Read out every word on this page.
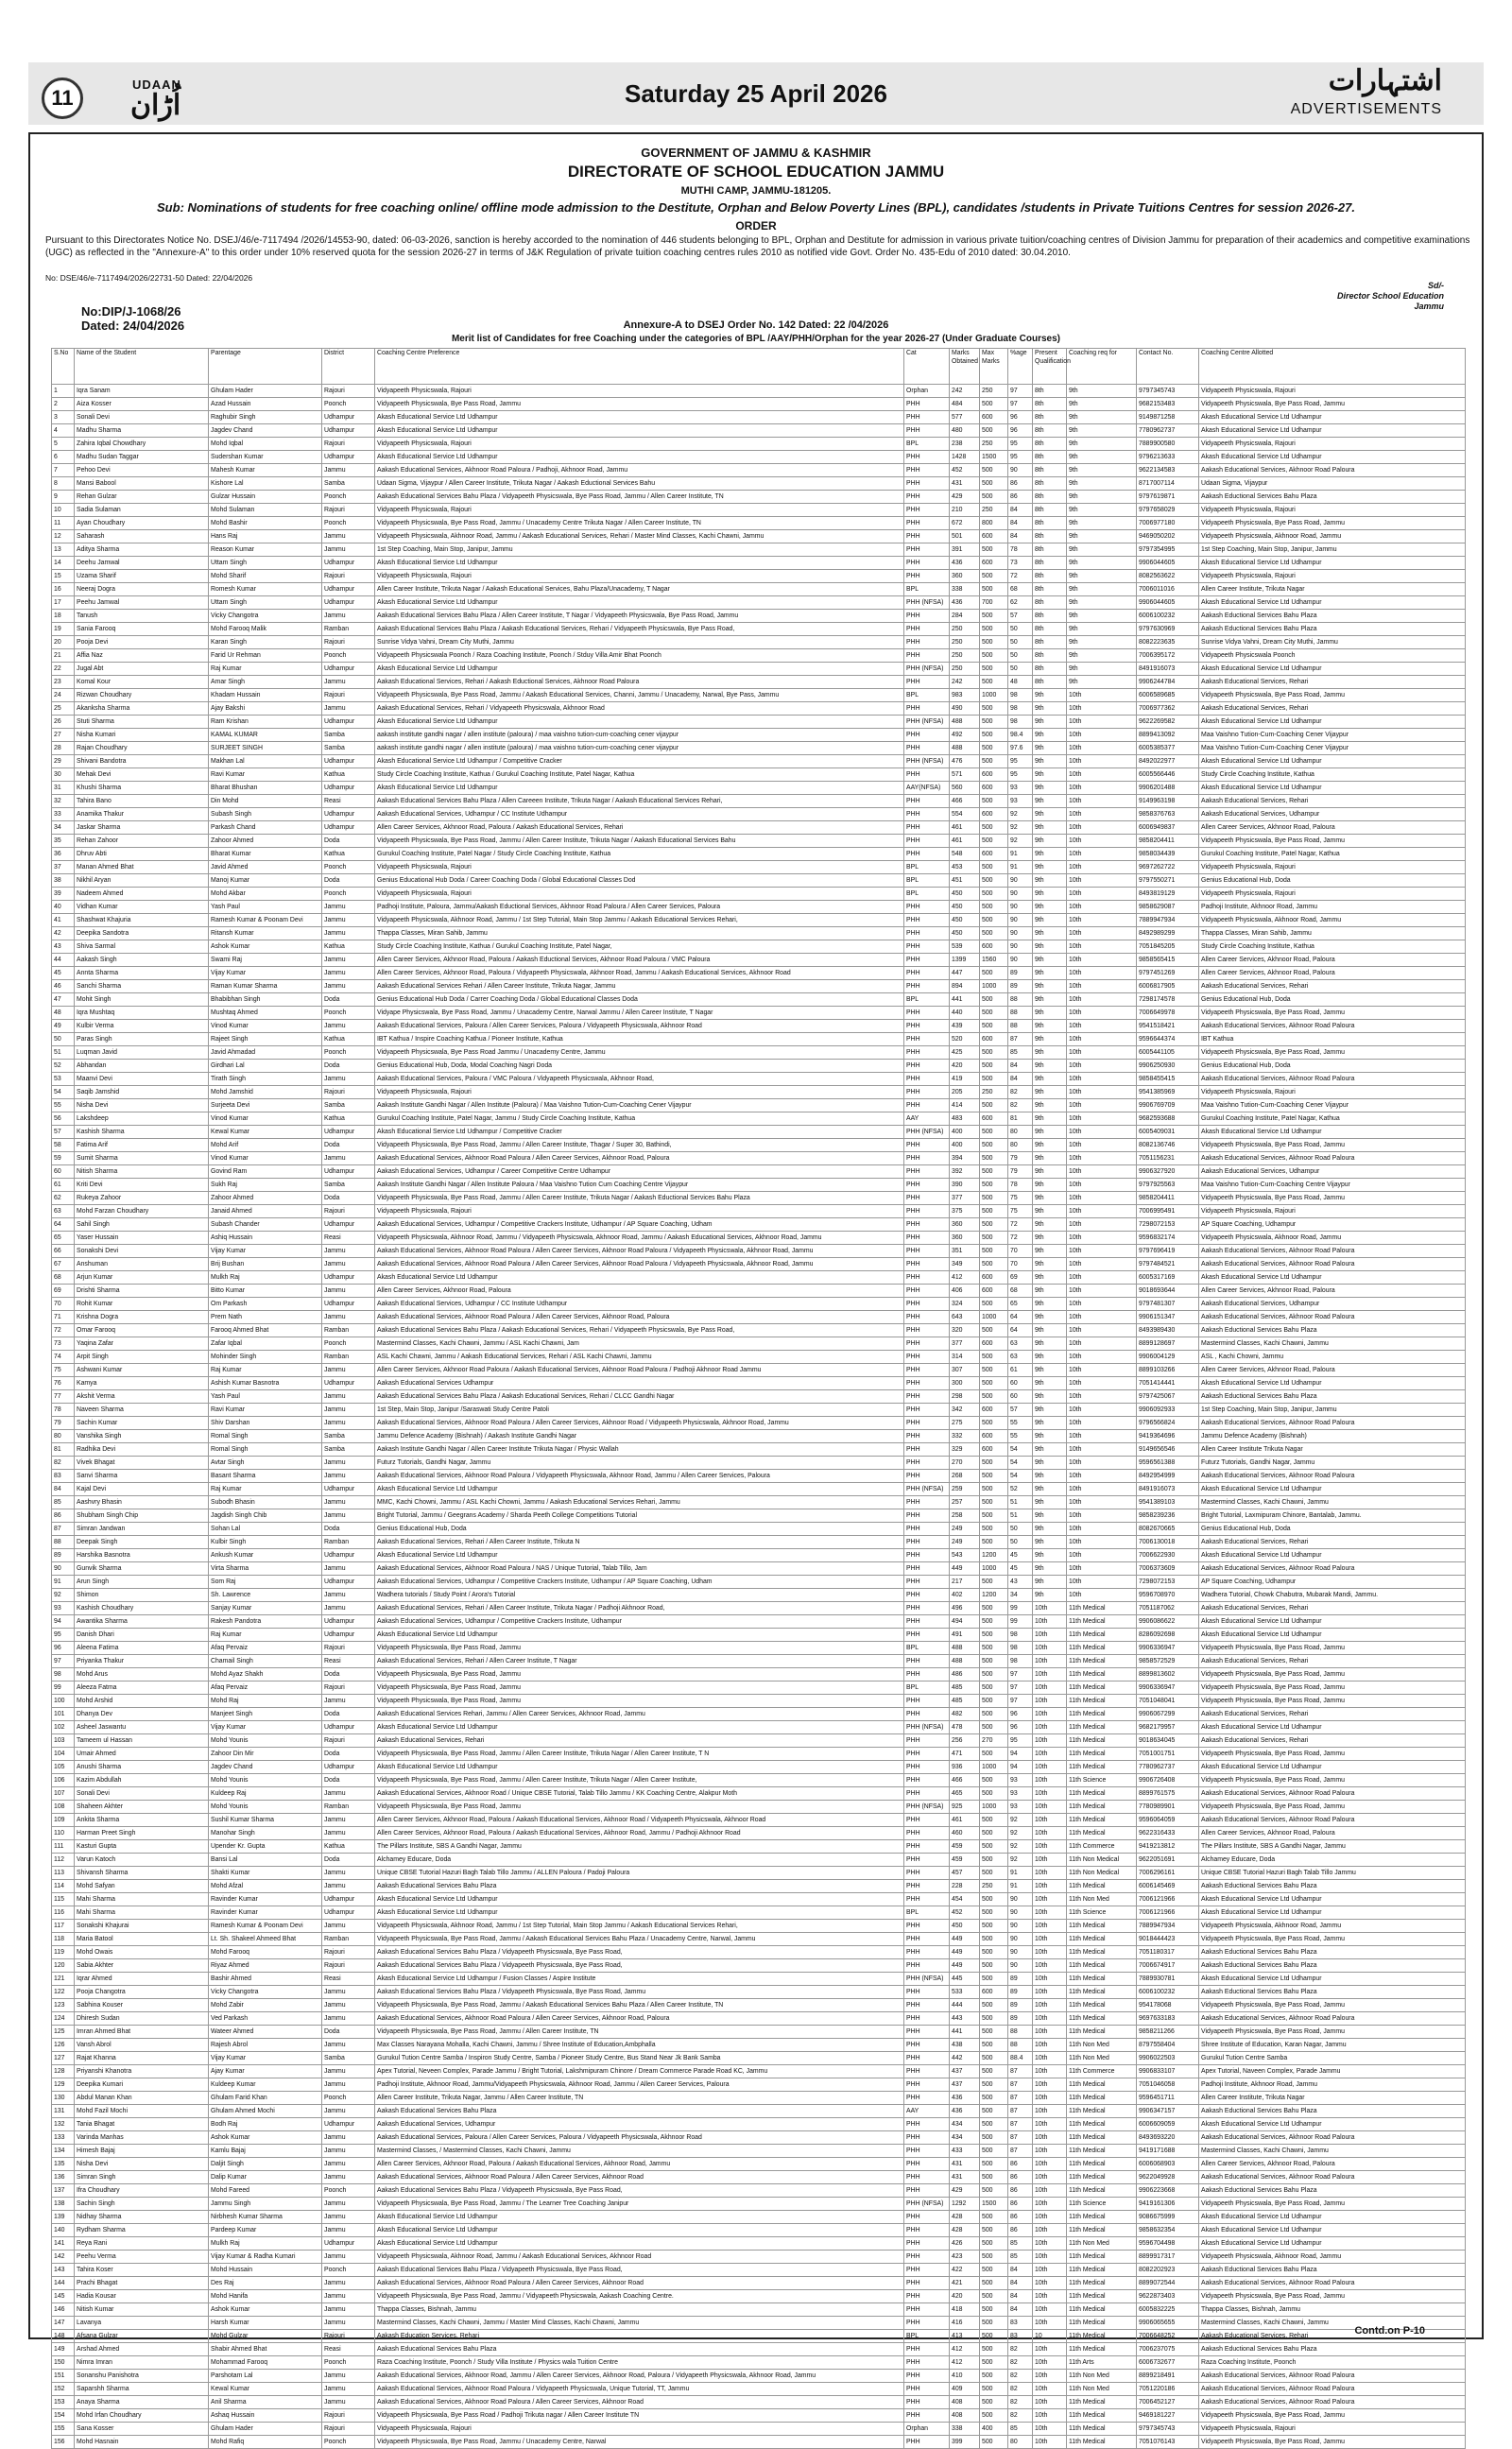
11
UDAAN
اُڑان	Saturday 25 April 2026	اشتہارات
ADVERTISEMENTS
GOVERNMENT OF JAMMU & KASHMIR
DIRECTORATE OF SCHOOL EDUCATION JAMMU
MUTHI CAMP, JAMMU-181205.
Sub: Nominations of students for free coaching online/ offline mode admission to the Destitute, Orphan and Below Poverty Lines (BPL), candidates /students in Private Tuitions Centres for session 2026-27.
ORDER
Pursuant to this Directorates Notice No. DSEJ/46/e-7117494 /2026/14553-90, dated: 06-03-2026, sanction is hereby accorded to the nomination of 446 students belonging to BPL, Orphan and Destitute for admission in various private tuition/coaching centres of Division Jammu for preparation of their academics and competitive examinations (UGC) as reflected in the "Annexure-A" to this order under 10% reserved quota for the session 2026-27 in terms of J&K Regulation of private tuition coaching centres rules 2010 as notified vide Govt. Order No. 435-Edu of 2010 dated: 30.04.2010.
No: DSE/46/e-7117494/2026/22731-50 Dated: 22/04/2026
Sd/-
Director School Education
Jammu
No:DIP/J-1068/26
Dated: 24/04/2026	Annexure-A to DSEJ Order No. 142 Dated: 22 /04/2026
Merit list of Candidates for free Coaching under the categories of BPL /AAY/PHH/Orphan for the year 2026-27 (Under Graduate Courses)
S.No	Name of the Student	Parentage	District	Coaching Centre Preference	Cat	Marks Obtained	Max Marks	%age	Present Qualification	Coaching req for	Contact No.	Coaching Centre Allotted
1	Iqra Sanam	Ghulam Hader	Rajouri	Vidyapeeth Physicswala, Rajouri	Orphan	242	250	97	8th	9th	9797345743	Vidyapeeth Physicswala, Rajouri
2	Aiza Kosser	Azad Hussain	Poonch	Vidyapeeth Physicswala, Bye Pass Road, Jammu	PHH	484	500	97	8th	9th	9682153483	Vidyapeeth Physicswala, Bye Pass Road, Jammu
3	Sonali Devi	Raghubir Singh	Udhampur	Akash Educational Service Ltd Udhampur	PHH	577	600	96	8th	9th	9149871258	Akash Educational Service Ltd Udhampur
4	Madhu Sharma	Jagdev Chand	Udhampur	Akash Educational Service Ltd Udhampur	PHH	480	500	96	8th	9th	7780962737	Akash Educational Service Ltd Udhampur
5	Zahira Iqbal Chowdhary	Mohd Iqbal	Rajouri	Vidyapeeth Physicswala, Rajouri	BPL	238	250	95	8th	9th	7889900580	Vidyapeeth Physicswala, Rajouri
6	Madhu Sudan Taggar	Sudershan Kumar	Udhampur	Akash Educational Service Ltd Udhampur	PHH	1428	1500	95	8th	9th	9796213633	Akash Educational Service Ltd Udhampur
7	Pehoo Devi	Mahesh Kumar	Jammu	Aakash Educational Services, Akhnoor Road Paloura / Padhoji, Akhnoor Road, Jammu	PHH	452	500	90	8th	9th	9622134583	Aakash Educational Services, Akhnoor Road Paloura
8	Mansi Babool	Kishore Lal	Samba	Udaan Sigma, Vijaypur / Allen Career Institute, Trikuta Nagar / Aakash Eductional Services Bahu	PHH	431	500	86	8th	9th	8717007114	Udaan Sigma, Vijaypur
9	Rehan Gulzar	Gulzar Hussain	Poonch	Aakash Educational Services Bahu Plaza / Vidyapeeth Physicswala, Bye Pass Road, Jammu / Allen Career Institute, TN	PHH	429	500	86	8th	9th	9797619871	Aakash Eductional Services Bahu Plaza
10	Sadia Sulaman	Mohd Sulaman	Rajouri	Vidyapeeth Physicswala, Rajouri	PHH	210	250	84	8th	9th	9797658029	Vidyapeeth Physicswala, Rajouri
11	Ayan Choudhary	Mohd Bashir	Poonch	Vidyapeeth Physicswala, Bye Pass Road, Jammu / Unacademy Centre Trikuta Nagar / Allen Career Institute, TN	PHH	672	800	84	8th	9th	7006977180	Vidyapeeth Physicswala, Bye Pass Road, Jammu
12	Saharash	Hans Raj	Jammu	Vidyapeeth Physicswala, Akhnoor Road, Jammu / Aakash Educational Services, Rehari / Master Mind Classes, Kachi Chawni, Jammu	PHH	501	600	84	8th	9th	9469050202	Vidyapeeth Physicswala, Akhnoor Road, Jammu
13	Aditya Sharma	Reason Kumar	Jammu	1st Step Coaching, Main Stop, Janipur, Jammu	PHH	391	500	78	8th	9th	9797354995	1st Step Coaching, Main Stop, Janipur, Jammu
14	Deehu Jamwal	Uttam Singh	Udhampur	Akash Educational Service Ltd Udhampur	PHH	436	600	73	8th	9th	9906044605	Akash Educational Service Ltd Udhampur
15	Uzama Sharif	Mohd Sharif	Rajouri	Vidyapeeth Physicswala, Rajouri	PHH	360	500	72	8th	9th	8082563622	Vidyapeeth Physicswala, Rajouri
16	Neeraj Dogra	Romesh Kumar	Udhampur	Allen Career Institute, Trikuta Nagar / Aakash Educational Services, Bahu Plaza/Unacademy, T Nagar	BPL	338	500	68	8th	9th	7006011016	Allen Career Institute, Trikuta Nagar
17	Peehu Jamwal	Uttam Singh	Udhampur	Akash Educational Service Ltd Udhampur	PHH (NFSA)	436	700	62	8th	9th	9906044605	Akash Educational Service Ltd Udhampur
18	Tanush	Vicky Changotra	Jammu	Aakash Educational Services Bahu Plaza / Allen Career Institute, T Nagar / Vidyapeeth Physicswala, Bye Pass Road, Jammu	PHH	284	500	57	8th	9th	6006100232	Aakash Eductional Services Bahu Plaza
19	Sania Farooq	Mohd Farooq Malik	Ramban	Aakash Educational Services Bahu Plaza / Aakash Educational Services, Rehari / Vidyapeeth Physicswala, Bye Pass Road,	PHH	250	500	50	8th	9th	9797630969	Aakash Eductional Services Bahu Plaza
20	Pooja Devi	Karan Singh	Rajouri	Sunrise Vidya Vahni, Dream City Muthi, Jammu	PHH	250	500	50	8th	9th	8082223635	Sunrise Vidya Vahni, Dream City Muthi, Jammu
21	Affia Naz	Farid Ur Rehman	Poonch	Vidyapeeth Physicswala Poonch / Raza Coaching Institute, Poonch / Stduy Villa Amir Bhat Poonch	PHH	250	500	50	8th	9th	7006395172	Vidyapeeth Physicswala Poonch
22	Jugal Abt	Raj Kumar	Udhampur	Akash Educational Service Ltd Udhampur	PHH (NFSA)	250	500	50	8th	9th	8491916073	Akash Educational Service Ltd Udhampur
23	Komal Kour	Amar Singh	Jammu	Aakash Educational Services, Rehari / Aakash Eductional Services, Akhnoor Road Paloura	PHH	242	500	48	8th	9th	9906244784	Aakash Educational Services, Rehari
24	Rizwan Choudhary	Khadam Hussain	Rajouri	Vidyapeeth Physicswala, Bye Pass Road, Jammu / Aakash Educational Services, Channi, Jammu / Unacademy, Narwal, Bye Pass, Jammu	BPL	983	1000	98	9th	10th	6006589685	Vidyapeeth Physicswala, Bye Pass Road, Jammu
25	Akanksha Sharma	Ajay Bakshi	Jammu	Aakash Educational Services, Rehari / Vidyapeeth Physicswala, Akhnoor Road	PHH	490	500	98	9th	10th	7006977362	Aakash Educational Services, Rehari
26	Stuti Sharma	Ram Krishan	Udhampur	Akash Educational Service Ltd Udhampur	PHH (NFSA)	488	500	98	9th	10th	9622269582	Akash Educational Service Ltd Udhampur
27	Nisha Kumari	KAMAL KUMAR	Samba	aakash institute gandhi nagar / allen institute (paloura) / maa vaishno tution-cum-coaching cener vijaypur	PHH	492	500	98.4	9th	10th	8899413092	Maa Vaishno Tution-Cum-Coaching Cener Vijaypur
28	Rajan Choudhary	SURJEET SINGH	Samba	aakash institute gandhi nagar / allen institute (paloura) / maa vaishno tution-cum-coaching cener vijaypur	PHH	488	500	97.6	9th	10th	6005385377	Maa Vaishno Tution-Cum-Coaching Cener Vijaypur
29	Shivani Bandotra	Makhan Lal	Udhampur	Akash Educational Service Ltd Udhampur / Competitive Cracker	PHH (NFSA)	476	500	95	9th	10th	8492022977	Akash Educational Service Ltd Udhampur
30	Mehak Devi	Ravi Kumar	Kathua	Study Circle Coaching Institute, Kathua / Gurukul Coaching Institute, Patel Nagar, Kathua	PHH	571	600	95	9th	10th	6005566446	Study Circle Coaching Institute, Kathua
31	Khushi Sharma	Bharat Bhushan	Udhampur	Akash Educational Service Ltd Udhampur	AAY(NFSA)	560	600	93	9th	10th	9906201488	Akash Educational Service Ltd Udhampur
32	Tahira Bano	Din Mohd	Reasi	Aakash Educational Services Bahu Plaza / Allen Careeen Institute, Trikuta Nagar / Aakash Educational Services Rehari,	PHH	466	500	93	9th	10th	9149963198	Aakash Educational Services, Rehari
33	Anamika Thakur	Subash Singh	Udhampur	Aakash Educational Services, Udhampur / CC Institute Udhampur	PHH	554	600	92	9th	10th	9858376763	Aakash Educational Services, Udhampur
34	Jaskar Sharma	Parkash Chand	Udhampur	Allen Career Services, Akhnoor Road, Paloura / Aakash Educational Services, Rehari	PHH	461	500	92	9th	10th	6006949837	Allen Career Services, Akhnoor Road, Paloura
35	Rehan Zahoor	Zahoor Ahmed	Doda	Vidyapeeth Physicswala, Bye Pass Road, Jammu / Allen Career Institute, Trikuta Nagar / Aakash Educational Services Bahu	PHH	461	500	92	9th	10th	9858204411	Vidyapeeth Physicswala, Bye Pass Road, Jammu
36	Dhruv Abti	Bharat Kumar	Kathua	Gurukul Coaching Institute, Patel Nagar / Study Circle Coaching Institute, Kathua	PHH	548	600	91	9th	10th	9858034439	Gurukul Coaching Institute, Patel Nagar, Kathua
37	Manan Ahmed Bhat	Javid Ahmed	Poonch	Vidyapeeth Physicswala, Rajouri	BPL	453	500	91	9th	10th	9697262722	Vidyapeeth Physicswala, Rajouri
38	Nikhil Aryan	Manoj Kumar	Doda	Genius Educational Hub Doda / Career Coaching Doda / Global Educational Classes Dod	BPL	451	500	90	9th	10th	9797550271	Genius Educational Hub, Doda
39	Nadeem Ahmed	Mohd Akbar	Poonch	Vidyapeeth Physicswala, Rajouri	BPL	450	500	90	9th	10th	8493819129	Vidyapeeth Physicswala, Rajouri
40	Vidhan Kumar	Yash Paul	Jammu	Padhoji Institute, Paloura, Jammu/Aakash Eductional Services, Akhnoor Road Paloura / Allen Career Services, Paloura	PHH	450	500	90	9th	10th	9858629087	Padhoji Institute, Akhnoor Road, Jammu
41	Shashwat Khajuria	Ramesh Kumar & Poonam Devi	Jammu	Vidyapeeth Physicswala, Akhnoor Road, Jammu / 1st Step Tutorial, Main Stop Jammu / Aakash Educational Services Rehari,	PHH	450	500	90	9th	10th	7889947934	Vidyapeeth Physicswala, Akhnoor Road, Jammu
42	Deepika Sandotra	Ritansh Kumar	Jammu	Thappa Classes, Miran Sahib, Jammu	PHH	450	500	90	9th	10th	8492989299	Thappa Classes, Miran Sahib, Jammu
43	Shiva Sarmal	Ashok Kumar	Kathua	Study Circle Coaching Institute, Kathua / Gurukul Coaching Institute, Patel Nagar,	PHH	539	600	90	9th	10th	7051845205	Study Circle Coaching Institute, Kathua
44	Aakash Singh	Swami Raj	Jammu	Allen Career Services, Akhnoor Road, Paloura / Aakash Eductional Services, Akhnoor Road Paloura / VMC Paloura	PHH	1399	1560	90	9th	10th	9858565415	Allen Career Services, Akhnoor Road, Paloura
45	Annta Sharma	Vijay Kumar	Jammu	Allen Career Services, Akhnoor Road, Paloura / Vidyapeeth Physicswala, Akhnoor Road, Jammu / Aakash Educational Services, Akhnoor Road	PHH	447	500	89	9th	10th	9797451269	Allen Career Services, Akhnoor Road, Paloura
46	Sanchi Sharma	Raman Kumar Sharma	Jammu	Aakash Educational Services Rehari / Allen Career Institute, Trikuta Nagar, Jammu	PHH	894	1000	89	9th	10th	6006817905	Aakash Educational Services, Rehari
47	Mohit Singh	Bhabibhan Singh	Doda	Genius Educational Hub Doda / Carrer Coaching Doda / Global Educational Classes Doda	BPL	441	500	88	9th	10th	7298174578	Genius Educational Hub, Doda
48	Iqra Mushtaq	Mushtaq Ahmed	Poonch	Vidyape Physicswala, Bye Pass Road, Jammu / Unacademy Centre, Narwal Jammu / Allen Career Institute, T Nagar	PHH	440	500	88	9th	10th	7006649978	Vidyapeeth Physicswala, Bye Pass Road, Jammu
49	Kulbir Verma	Vinod Kumar	Jammu	Aakash Educational Services, Paloura / Allen Career Services, Paloura / Vidyapeeth Physicswala, Akhnoor Road	PHH	439	500	88	9th	10th	9541518421	Aakash Educational Services, Akhnoor Road Paloura
50	Paras Singh	Rajeet Singh	Kathua	IBT Kathua / Inspire Coaching Kathua / Pioneer Institute, Kathua	PHH	520	600	87	9th	10th	9596644374	IBT Kathua
51	Luqman Javid	Javid Ahmadad	Poonch	Vidyapeeth Physicswala, Bye Pass Road Jammu / Unacademy Centre, Jammu	PHH	425	500	85	9th	10th	6005441105	Vidyapeeth Physicswala, Bye Pass Road, Jammu
52	Abhandan	Girdhari Lal	Doda	Genius Educational Hub, Doda, Modal Coaching Nagri Doda	PHH	420	500	84	9th	10th	9906250930	Genius Educational Hub, Doda
53	Maanvi Devi	Tirath Singh	Jammu	Aakash Educational Services, Paloura / VMC Paloura / Vidyapeeth Physicswala, Akhnoor Road,	PHH	419	500	84	9th	10th	9858455415	Aakash Educational Services, Akhnoor Road Paloura
54	Saqib Jamshid	Mohd Jamshid	Rajouri	Vidyapeeth Physicswala, Rajouri	PHH	205	250	82	9th	10th	9541385969	Vidyapeeth Physicswala, Rajouri
55	Nisha Devi	Surjeeta Devi	Samba	Aakash Institute Gandhi Nagar / Allen Institute (Paloura) / Maa Vaishno Tution-Cum-Coaching Cener Vijaypur	PHH	414	500	82	9th	10th	9906769709	Maa Vaishno Tution-Cum-Coaching Cener Vijaypur
56	Lakshdeep	Vinod Kumar	Kathua	Gurukul Coaching Institute, Patel Nagar, Jammu / Study Circle Coaching Institute, Kathua	AAY	483	600	81	9th	10th	9682593688	Gurukul Coaching Institute, Patel Nagar, Kathua
57	Kashish Sharma	Kewal Kumar	Udhampur	Akash Educational Service Ltd Udhampur / Competitive Cracker	PHH (NFSA)	400	500	80	9th	10th	6005409031	Akash Educational Service Ltd Udhampur
58	Fatima Arif	Mohd Arif	Doda	Vidyapeeth Physicswala, Bye Pass Road, Jammu / Allen Career Institute, Thagar / Super 30, Bathindi,	PHH	400	500	80	9th	10th	8082136746	Vidyapeeth Physicswala, Bye Pass Road, Jammu
59	Sumit Sharma	Vinod Kumar	Jammu	Aakash Educational Services, Akhnoor Road Paloura / Allen Career Services, Akhnoor Road, Paloura	PHH	394	500	79	9th	10th	7051156231	Aakash Educational Services, Akhnoor Road Paloura
60	Nitish Sharma	Govind Ram	Udhampur	Aakash Educational Services, Udhampur / Career Competitive Centre Udhampur	PHH	392	500	79	9th	10th	9906327920	Aakash Educational Services, Udhampur
61	Kriti Devi	Sukh Raj	Samba	Aakash Institute Gandhi Nagar / Allen Institute Paloura / Maa Vaishno Tution Cum Coaching Centre Vijaypur	PHH	390	500	78	9th	10th	9797925563	Maa Vaishno Tution-Cum-Coaching Centre Vijaypur
62	Rukeya Zahoor	Zahoor Ahmed	Doda	Vidyapeeth Physicswala, Bye Pass Road, Jammu / Allen Career Institute, Trikuta Nagar / Aakash Eductional Services Bahu Plaza	PHH	377	500	75	9th	10th	9858204411	Vidyapeeth Physicswala, Bye Pass Road, Jammu
63	Mohd Farzan Choudhary	Janaid Ahmed	Rajouri	Vidyapeeth Physicswala, Rajouri	PHH	375	500	75	9th	10th	7006995491	Vidyapeeth Physicswala, Rajouri
64	Sahil Singh	Subash Chander	Udhampur	Aakash Educational Services, Udhampur / Competitive Crackers Institute, Udhampur / AP Square Coaching, Udham	PHH	360	500	72	9th	10th	7298072153	AP Square Coaching, Udhampur
65	Yaser Hussain	Ashiq Hussain	Reasi	Vidyapeeth Physicswala, Akhnoor Road, Jammu / Vidyapeeth Physicswala, Akhnoor Road, Jammu / Aakash Educational Services, Akhnoor Road, Jammu	PHH	360	500	72	9th	10th	9596832174	Vidyapeeth Physicswala, Akhnoor Road, Jammu
66	Sonakshi Devi	Vijay Kumar	Jammu	Aakash Educational Services, Akhnoor Road Paloura / Allen Career Services, Akhnoor Road Paloura / Vidyapeeth Physicswala, Akhnoor Road, Jammu	PHH	351	500	70	9th	10th	9797696419	Aakash Educational Services, Akhnoor Road Paloura
67	Anshuman	Brij Bushan	Jammu	Aakash Educational Services, Akhnoor Road Paloura / Allen Career Services, Akhnoor Road Paloura / Vidyapeeth Physicswala, Akhnoor Road, Jammu	PHH	349	500	70	9th	10th	9797484521	Aakash Educational Services, Akhnoor Road Paloura
68	Arjun Kumar	Mulkh Raj	Udhampur	Akash Educational Service Ltd Udhampur	PHH	412	600	69	9th	10th	6005317169	Akash Educational Service Ltd Udhampur
69	Drishti Sharma	Bitto Kumar	Jammu	Allen Career Services, Akhnoor Road, Paloura	PHH	406	600	68	9th	10th	9018693644	Allen Career Services, Akhnoor Road, Paloura
70	Rohit Kumar	Om Parkash	Udhampur	Aakash Educational Services, Udhampur / CC Institute Udhampur	PHH	324	500	65	9th	10th	9797481307	Aakash Educational Services, Udhampur
71	Krishna Dogra	Prem Nath	Jammu	Aakash Educational Services, Akhnoor Road Paloura / Allen Career Services, Akhnoor Road, Paloura	PHH	643	1000	64	9th	10th	9906151347	Aakash Educational Services, Akhnoor Road Paloura
72	Omar Farooq	Farooq Ahmed Bhat	Ramban	Aakash Educational Services Bahu Plaza / Aakash Educational Services, Rehari / Vidyapeeth Physicswala, Bye Pass Road,	PHH	320	500	64	9th	10th	8493989430	Aakash Eductional Services Bahu Plaza
73	Yaqina Zafar	Zafar Iqbal	Poonch	Mastermind Classes, Kachi Chawni, Jammu / ASL Kachi Chawni, Jam	PHH	377	600	63	9th	10th	8899128697	Mastermind Classes, Kachi Chawni, Jammu
74	Arpit Singh	Mohinder Singh	Ramban	ASL Kachi Chawni, Jammu / Aakash Educational Services, Rehari / ASL Kachi Chawni, Jammu	PHH	314	500	63	9th	10th	9906004129	ASL , Kachi Chowni, Jammu
75	Ashwani Kumar	Raj Kumar	Jammu	Allen Career Services, Akhnoor Road Paloura / Aakash Educational Services, Akhnoor Road Paloura / Padhoji Akhnoor Road Jammu	PHH	307	500	61	9th	10th	8899103266	Allen Career Services, Akhnoor Road, Paloura
76	Kamya	Ashish Kumar Basnotra	Udhampur	Aakash Educational Services Udhampur	PHH	300	500	60	9th	10th	7051414441	Akash Educational Service Ltd Udhampur
77	Akshit Verma	Yash Paul	Jammu	Aakash Educational Services Bahu Plaza / Aakash Educational Services, Rehari / CLCC Gandhi Nagar	PHH	298	500	60	9th	10th	9797425067	Aakash Eductional Services Bahu Plaza
78	Naveen Sharma	Ravi Kumar	Jammu	1st Step, Main Stop, Janipur /Saraswati Study Centre Patoli	PHH	342	600	57	9th	10th	9906092933	1st Step Coaching, Main Stop, Janipur, Jammu
79	Sachin Kumar	Shiv Darshan	Jammu	Aakash Educational Services, Akhnoor Road Paloura / Allen Career Services, Akhnoor Road / Vidyapeeth Physicswala, Akhnoor Road, Jammu	PHH	275	500	55	9th	10th	9796566824	Aakash Educational Services, Akhnoor Road Paloura
80	Vanshika Singh	Romal Singh	Samba	Jammu Defence Academy (Bishnah) / Aakash Institute Gandhi Nagar	PHH	332	600	55	9th	10th	9419364696	Jammu Defence Academy (Bishnah)
81	Radhika Devi	Romal Singh	Samba	Aakash Institute Gandhi Nagar / Allen Career Institute Trikuta Nagar / Physic Wallah	PHH	329	600	54	9th	10th	9149656546	Allen Career Institute Trikuta Nagar
82	Vivek Bhagat	Avtar Singh	Jammu	Futurz Tutorials, Gandhi Nagar, Jammu	PHH	270	500	54	9th	10th	9596561388	Futurz Tutorials, Gandhi Nagar, Jammu
83	Sanvi Sharma	Basant Sharma	Jammu	Aakash Educational Services, Akhnoor Road Paloura / Vidyapeeth Physicswala, Akhnoor Road, Jammu / Allen Career Services, Paloura	PHH	268	500	54	9th	10th	8492954999	Aakash Educational Services, Akhnoor Road Paloura
84	Kajal Devi	Raj Kumar	Udhampur	Akash Educational Service Ltd Udhampur	PHH (NFSA)	259	500	52	9th	10th	8491916073	Akash Educational Service Ltd Udhampur
85	Aashvry Bhasin	Subodh Bhasin	Jammu	MMC, Kachi Chowni, Jammu / ASL Kachi Chowni, Jammu / Aakash Educational Services Rehari, Jammu	PHH	257	500	51	9th	10th	9541389103	Mastermind Classes, Kachi Chawni, Jammu
86	Shubham Singh Chip	Jagdish Singh Chib	Jammu	Bright Tutorial, Jammu / Geegrans Academy / Sharda Peeth College Competitions Tutorial	PHH	258	500	51	9th	10th	9858239236	Bright Tutorial, Laxmipuram Chinore, Bantalab, Jammu.
87	Simran Jandwan	Sohan Lal	Doda	Genius Educational Hub, Doda	PHH	249	500	50	9th	10th	8082670665	Genius Educational Hub, Doda
88	Deepak Singh	Kulbir Singh	Ramban	Aakash Educational Services, Rehari / Allen Career Institute, Trikuta N	PHH	249	500	50	9th	10th	7006130018	Aakash Educational Services, Rehari
89	Harshika Basnotra	Ankush Kumar	Udhampur	Akash Educational Service Ltd Udhampur	PHH	543	1200	45	9th	10th	7006622930	Akash Educational Service Ltd Udhampur
90	Gunvik Sharma	Virta Sharma	Jammu	Aakash Educational Services, Akhnoor Road Paloura / NAS / Unique Tutorial, Talab Tillo, Jam	PHH	449	1000	45	9th	10th	7006373609	Aakash Educational Services, Akhnoor Road Paloura
91	Arun Singh	Som Raj	Udhampur	Aakash Educational Services, Udhampur / Competitive Crackers Institute, Udhampur / AP Square Coaching, Udham	PHH	217	500	43	9th	10th	7298072153	AP Square Coaching, Udhampur
92	Shimon	Sh. Lawrence	Jammu	Wadhera tutorials / Study Point / Arora's Tutorial	PHH	402	1200	34	9th	10th	9596708970	Wadhera Tutorial, Chowk Chabutra, Mubarak Mandi, Jammu.
93	Kashish Choudhary	Sanjay Kumar	Jammu	Aakash Educational Services, Rehari / Allen Career Institute, Trikuta Nagar / Padhoji Akhnoor Road,	PHH	496	500	99	10th	11th Medical	7051187062	Aakash Educational Services, Rehari
94	Awantika Sharma	Rakesh Pandotra	Udhampur	Aakash Educational Services, Udhampur / Competitive Crackers Institute, Udhampur	PHH	494	500	99	10th	11th Medical	9906086622	Akash Educational Service Ltd Udhampur
95	Danish Dhari	Raj Kumar	Udhampur	Akash Educational Service Ltd Udhampur	PHH	491	500	98	10th	11th Medical	8286092698	Akash Educational Service Ltd Udhampur
96	Aleena Fatima	Afaq Pervaiz	Rajouri	Vidyapeeth Physicswala, Bye Pass Road, Jammu	BPL	488	500	98	10th	11th Medical	9906336947	Vidyapeeth Physicswala, Bye Pass Road, Jammu
97	Priyanka Thakur	Chamail Singh	Reasi	Aakash Educational Services, Rehari / Allen Career Institute, T Nagar	PHH	488	500	98	10th	11th Medical	9858572529	Aakash Educational Services, Rehari
98	Mohd Arus	Mohd Ayaz Shakh	Doda	Vidyapeeth Physicswala, Bye Pass Road, Jammu	PHH	486	500	97	10th	11th Medical	8899813602	Vidyapeeth Physicswala, Bye Pass Road, Jammu
99	Aleeza Fatma	Afaq Pervaiz	Rajouri	Vidyapeeth Physicswala, Bye Pass Road, Jammu	BPL	485	500	97	10th	11th Medical	9906336947	Vidyapeeth Physicswala, Bye Pass Road, Jammu
100	Mohd Arshid	Mohd Raj	Jammu	Vidyapeeth Physicswala, Bye Pass Road, Jammu	PHH	485	500	97	10th	11th Medical	7051048041	Vidyapeeth Physicswala, Bye Pass Road, Jammu
101	Dhanya Dev	Manjeet Singh	Doda	Aakash Educational Services Rehari, Jammu / Allen Career Services, Akhnoor Road, Jammu	PHH	482	500	96	10th	11th Medical	9906067299	Aakash Educational Services, Rehari
102	Asheel Jaswantu	Vijay Kumar	Udhampur	Akash Educational Service Ltd Udhampur	PHH (NFSA)	478	500	96	10th	11th Medical	9682179957	Akash Educational Service Ltd Udhampur
103	Tameem ul Hassan	Mohd Younis	Rajouri	Aakash Educational Services, Rehari	PHH	256	270	95	10th	11th Medical	9018634045	Aakash Educational Services, Rehari
104	Umair Ahmed	Zahoor Din Mir	Doda	Vidyapeeth Physicswala, Bye Pass Road, Jammu / Allen Career Institute, Trikuta Nagar / Allen Career Institute, T N	PHH	471	500	94	10th	11th Medical	7051001751	Vidyapeeth Physicswala, Bye Pass Road, Jammu
105	Anushi Sharma	Jagdev Chand	Udhampur	Akash Educational Service Ltd Udhampur	PHH	936	1000	94	10th	11th Medical	7780962737	Akash Educational Service Ltd Udhampur
106	Kazim Abdullah	Mohd Younis	Doda	Vidyapeeth Physicswala, Bye Pass Road, Jammu / Allen Career Institute, Trikuta Nagar / Allen Career Institute,	PHH	466	500	93	10th	11th Science	9906726408	Vidyapeeth Physicswala, Bye Pass Road, Jammu
107	Sonali Devi	Kuldeep Raj	Jammu	Aakash Educational Services, Akhnoor Road / Unique CBSE Tutorial, Talab Tillo Jammu / KK Coaching Centre, Alakpur Moth	PHH	465	500	93	10th	11th Medical	8899761575	Aakash Educational Services, Akhnoor Road Paloura
108	Shaheen Akhter	Mohd Younis	Ramban	Vidyapeeth Physicswala, Bye Pass Road, Jammu	PHH (NFSA)	925	1000	93	10th	11th Medical	7780989901	Vidyapeeth Physicswala, Bye Pass Road, Jammu
109	Ankita Sharma	Sushil Kumar Sharma	Jammu	Allen Career Services, Akhnoor Road, Paloura / Aakash Educational Services, Akhnoor Road / Vidyapeeth Physicswala, Akhnoor Road	PHH	461	500	92	10th	11th Medical	9596064059	Aakash Educational Services, Akhnoor Road Paloura
110	Harman Preet Singh	Manohar Singh	Jammu	Allen Career Services, Akhnoor Road, Paloura / Aakash Educational Services, Akhnoor Road, Jammu / Padhoji Akhnoor Road	PHH	460	500	92	10th	11th Medical	9622316433	Allen Career Services, Akhnoor Road, Paloura
111	Kasturi Gupta	Upender Kr. Gupta	Kathua	The Pillars Institute, SBS A Gandhi Nagar, Jammu	PHH	459	500	92	10th	11th Commerce	9419213812	The Pillars Institute, SBS A Gandhi Nagar, Jammu
112	Varun Katoch	Bansi Lal	Doda	Alchamey Educare, Doda	PHH	459	500	92	10th	11th Non Medical	9622051691	Alchamey Educare, Doda
113	Shivansh Sharma	Shakti Kumar	Jammu	Unique CBSE Tutorial Hazuri Bagh Talab Tillo Jammu / ALLEN Paloura / Padoji Paloura	PHH	457	500	91	10th	11th Non Medical	7006296161	Unique CBSE Tutorial Hazuri Bagh Talab Tillo Jammu
114	Mohd Safyan	Mohd Afzal	Jammu	Aakash Educational Services Bahu Plaza	PHH	228	250	91	10th	11th Medical	6006145469	Aakash Eductional Services Bahu Plaza
115	Mahi Sharma	Ravinder Kumar	Udhampur	Akash Educational Service Ltd Udhampur	PHH	454	500	90	10th	11th Non Med	7006121966	Akash Educational Service Ltd Udhampur
116	Mahi Sharma	Ravinder Kumar	Udhampur	Akash Educational Service Ltd Udhampur	BPL	452	500	90	10th	11th Science	7006121966	Akash Educational Service Ltd Udhampur
117	Sonakshi Khajurai	Ramesh Kumar & Poonam Devi	Jammu	Vidyapeeth Physicswala, Akhnoor Road, Jammu / 1st Step Tutorial, Main Stop Jammu / Aakash Educational Services Rehari,	PHH	450	500	90	10th	11th Medical	7889947934	Vidyapeeth Physicswala, Akhnoor Road, Jammu
118	Maria Batool	Lt. Sh. Shakeel Ahmeed Bhat	Ramban	Vidyapeeth Physicswala, Bye Pass Road, Jammu / Aakash Educational Services Bahu Plaza / Unacademy Centre, Narwal, Jammu	PHH	449	500	90	10th	11th Medical	9018444423	Vidyapeeth Physicswala, Bye Pass Road, Jammu
119	Mohd Owais	Mohd Farooq	Rajouri	Aakash Educational Services Bahu Plaza / Vidyapeeth Physicswala, Bye Pass Road,	PHH	449	500	90	10th	11th Medical	7051180317	Aakash Eductional Services Bahu Plaza
120	Sabia Akhter	Riyaz Ahmed	Rajouri	Aakash Educational Services Bahu Plaza / Vidyapeeth Physicswala, Bye Pass Road,	PHH	449	500	90	10th	11th Medical	7006674917	Aakash Eductional Services Bahu Plaza
121	Iqrar Ahmed	Bashir Ahmed	Reasi	Akash Educational Service Ltd Udhampur / Fusion Classes / Aspire Institute	PHH (NFSA)	445	500	89	10th	11th Medical	7889930781	Akash Educational Service Ltd Udhampur
122	Pooja Changotra	Vicky Changotra	Jammu	Aakash Educational Services Bahu Plaza / Vidyapeeth Physicswala, Bye Pass Road, Jammu	PHH	533	600	89	10th	11th Medical	6006100232	Aakash Eductional Services Bahu Plaza
123	Sabhina Kouser	Mohd Zabir	Jammu	Vidyapeeth Physicswala, Bye Pass Road, Jammu / Aakash Educational Services Bahu Plaza / Allen Career Institute, TN	PHH	444	500	89	10th	11th Medical	954178068	Vidyapeeth Physicswala, Bye Pass Road, Jammu
124	Dhiresh Sudan	Ved Parkash	Jammu	Aakash Educational Services, Akhnoor Road Paloura / Allen Career Services, Akhnoor Road, Paloura	PHH	443	500	89	10th	11th Medical	9697633183	Aakash Educational Services, Akhnoor Road Paloura
125	Imran Ahmed Bhat	Wateer Ahmed	Doda	Vidyapeeth Physicswala, Bye Pass Road, Jammu / Allen Career Institute, TN	PHH	441	500	88	10th	11th Medical	9858211266	Vidyapeeth Physicswala, Bye Pass Road, Jammu
126	Vansh Abrol	Rajesh Abrol	Jammu	Max Classes Narayana Mohalla, Kachi Chawni, Jammu / Shree Institute of Education,Ambphalla	PHH	438	500	88	10th	11th Non Med	8797558404	Shree Institute of Education, Karan Nagar, Jammu
127	Rajat Khanna	Vijay Kumar	Samba	Gurukul Tution Centre Samba / Inspiron Study Centre, Samba / Pioneer Study Centre, Bus Stand Near Jk Bank Samba	PHH	442	500	88.4	10th	11th Non Med	9906022503	Gurukul Tution Centre Samba
128	Priyanshi Khanotra	Ajay Kumar	Jammu	Apex Tutorial, Neveen Complex, Parade Jammu / Bright Tutorial, Lakshmipuram Chinore / Dream Commerce Parade Road KC, Jammu	PHH	437	500	87	10th	11th Commerce	9906833107	Apex Tutorial, Naveen Complex, Parade Jammu
129	Deepika Kumari	Kuldeep Kumar	Jammu	Padhoji Institute, Akhnoor Road, Jammu/Vidyapeeth Physicswala, Akhnoor Road, Jammu / Allen Career Services, Paloura	PHH	437	500	87	10th	11th Medical	7051046058	Padhoji Institute, Akhnoor Road, Jammu
130	Abdul Manan Khan	Ghulam Farid Khan	Poonch	Allen Career Institute, Trikuta Nagar, Jammu / Allen Career Institute, TN	PHH	436	500	87	10th	11th Medical	9596451711	Allen Career Institute, Trikuta Nagar
131	Mohd Fazil Mochi	Ghulam Ahmed Mochi	Jammu	Aakash Educational Services Bahu Plaza	AAY	436	500	87	10th	11th Medical	9906347157	Aakash Eductional Services Bahu Plaza
132	Tania Bhagat	Bodh Raj	Udhampur	Aakash Educational Services, Udhampur	PHH	434	500	87	10th	11th Medical	6006609059	Akash Educational Service Ltd Udhampur
133	Varinda Manhas	Ashok Kumar	Jammu	Aakash Educational Services, Paloura / Allen Career Services, Paloura / Vidyapeeth Physicswala, Akhnoor Road	PHH	434	500	87	10th	11th Medical	8493693220	Aakash Educational Services, Akhnoor Road Paloura
134	Himesh Bajaj	Kamlu Bajaj	Jammu	Mastermind Classes, / Mastermind Classes, Kachi Chawni, Jammu	PHH	433	500	87	10th	11th Medical	9419171688	Mastermind Classes, Kachi Chawni, Jammu
135	Nisha Devi	Daljit Singh	Jammu	Allen Career Services, Akhnoor Road, Paloura / Aakash Educational Services, Akhnoor Road, Jammu	PHH	431	500	86	10th	11th Medical	6006068903	Allen Career Services, Akhnoor Road, Paloura
136	Simran Singh	Dalip Kumar	Jammu	Aakash Educational Services, Akhnoor Road Paloura / Allen Career Services, Akhnoor Road	PHH	431	500	86	10th	11th Medical	9622049928	Aakash Educational Services, Akhnoor Road Paloura
137	Ifra Choudhary	Mohd Fareed	Poonch	Aakash Educational Services Bahu Plaza / Vidyapeeth Physicswala, Bye Pass Road,	PHH	429	500	86	10th	11th Medical	9906223668	Aakash Eductional Services Bahu Plaza
138	Sachin Singh	Jammu Singh	Jammu	Vidyapeeth Physicswala, Bye Pass Road, Jammu / The Learner Tree Coaching Janipur	PHH (NFSA)	1292	1500	86	10th	11th Science	9419161306	Vidyapeeth Physicswala, Bye Pass Road, Jammu
139	Nidhay Sharma	Nirbhesh Kumar Sharma	Jammu	Akash Educational Service Ltd Udhampur	PHH	428	500	86	10th	11th Medical	9086675999	Akash Educational Service Ltd Udhampur
140	Rydham Sharma	Pardeep Kumar	Jammu	Akash Educational Service Ltd Udhampur	PHH	428	500	86	10th	11th Medical	9858632354	Akash Educational Service Ltd Udhampur
141	Reya Rani	Mulkh Raj	Udhampur	Akash Educational Service Ltd Udhampur	PHH	426	500	85	10th	11th Non Med	9596704498	Akash Educational Service Ltd Udhampur
142	Peehu Verma	Vijay Kumar & Radha Kumari	Jammu	Vidyapeeth Physicswala, Akhnoor Road, Jammu / Aakash Educational Services, Akhnoor Road	PHH	423	500	85	10th	11th Medical	8899917317	Vidyapeeth Physicswala, Akhnoor Road, Jammu
143	Tahira Koser	Mohd Hussain	Poonch	Aakash Educational Services Bahu Plaza / Vidyapeeth Physicswala, Bye Pass Road,	PHH	422	500	84	10th	11th Medical	8082202923	Aakash Eductional Services Bahu Plaza
144	Prachi Bhagat	Des Raj	Jammu	Aakash Educational Services, Akhnoor Road Paloura / Allen Career Services, Akhnoor Road	PHH	421	500	84	10th	11th Medical	8899072544	Aakash Educational Services, Akhnoor Road Paloura
145	Hadia Kousar	Mohd Hanifa	Jammu	Vidyapeeth Physicswala, Bye Pass Road, Jammu / Vidyapeeth Physicswala, Aakash Coaching Centre.	PHH	420	500	84	10th	11th Medical	9622873403	Vidyapeeth Physicswala, Bye Pass Road, Jammu
146	Nitish Kumar	Ashok Kumar	Jammu	Thappa Classes, Bishnah, Jammu	PHH	418	500	84	10th	11th Medical	6005832225	Thappa Classes, Bishnah, Jammu
147	Lavanya	Harsh Kumar	Jammu	Mastermind Classes, Kachi Chawni, Jammu / Master Mind Classes, Kachi Chawni, Jammu	PHH	416	500	83	10th	11th Medical	9906065655	Mastermind Classes, Kachi Chawni, Jammu
148	Afsana Gulzar	Mohd Gulzar	Rajouri	Aakash Education Services, Rehari	BPL	413	500	83	10	11th Medical	7006648252	Aakash Educational Services, Rehari
149	Arshad Ahmed	Shabir Ahmed Bhat	Reasi	Aakash Educational Services Bahu Plaza	PHH	412	500	82	10th	11th Medical	7006237075	Aakash Eductional Services Bahu Plaza
150	Nimra Imran	Mohammad Farooq	Poonch	Raza Coaching Institute, Poonch / Study Villa Institute / Physics wala Tuition Centre	PHH	412	500	82	10th	11th Arts	6006732677	Raza Coaching Institute, Poonch
151	Sonanshu Panishotra	Parshotam Lal	Jammu	Aakash Educational Services, Akhnoor Road, Jammu / Allen Career Services, Akhnoor Road, Paloura / Vidyapeeth Physicswala, Akhnoor Road, Jammu	PHH	410	500	82	10th	11th Non Med	8899218491	Aakash Educational Services, Akhnoor Road Paloura
152	Saparshh Sharma	Kewal Kumar	Jammu	Aakash Educational Services, Akhnoor Road Paloura / Vidyapeeth Physicswala, Unique Tutorial, TT, Jammu	PHH	409	500	82	10th	11th Non Med	7051220186	Aakash Educational Services, Akhnoor Road Paloura
153	Anaya Sharma	Anil Sharma	Jammu	Aakash Educational Services, Akhnoor Road Paloura / Allen Career Services, Akhnoor Road	PHH	408	500	82	10th	11th Medical	7006452127	Aakash Educational Services, Akhnoor Road Paloura
154	Mohd Irfan Choudhary	Ashaq Hussain	Rajouri	Vidyapeeth Physicswala, Bye Pass Road / Padhoji Trikuta nagar / Allen Career Institute TN	PHH	408	500	82	10th	11th Medical	9469181227	Vidyapeeth Physicswala, Bye Pass Road, Jammu
155	Sana Kosser	Ghulam Hader	Rajouri	Vidyapeeth Physicswala, Rajouri	Orphan	338	400	85	10th	11th Medical	9797345743	Vidyapeeth Physicswala, Rajouri
156	Mohd Hasnain	Mohd Rafiq	Poonch	Vidyapeeth Physicswala, Bye Pass Road, Jammu / Unacademy Centre, Narwal	PHH	399	500	80	10th	11th Medical	7051076143	Vidyapeeth Physicswala, Bye Pass Road, Jammu
Contd.on P-10
